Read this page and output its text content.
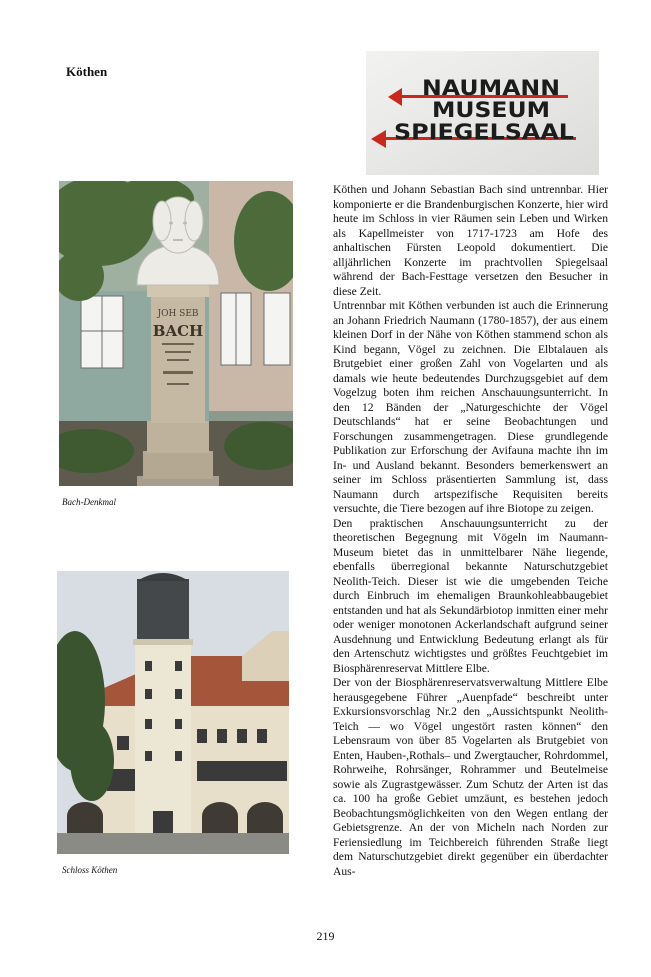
Köthen
NAUMANN
MUSEUM
SPIEGELSAAL
JOH SEB
BACH

Bach-Denkmal

Schloss Köthen

Köthen und Johann Sebastian Bach sind untrennbar. Hier komponierte er die Brandenburgischen Konzerte, hier wird heute im Schloss in vier Räumen sein Leben und Wirken als Kapellmeister von 1717-1723 am Hofe des anhaltischen Fürsten Leopold dokumentiert. Die alljährlichen Konzerte im prachtvollen Spiegelsaal während der Bach-Festtage versetzen den Besucher in diese Zeit.

Untrennbar mit Köthen verbunden ist auch die Erinnerung an Johann Friedrich Naumann (1780-1857), der aus einem kleinen Dorf in der Nähe von Köthen stammend schon als Kind begann, Vögel zu zeichnen. Die Elbtalauen als Brutgebiet einer großen Zahl von Vogelarten und als damals wie heute bedeutendes Durchzugsgebiet auf dem Vogelzug boten ihm reichen Anschauungsunterricht. In den 12 Bänden der „Naturgeschichte der Vögel Deutschlands“ hat er seine Beobachtungen und Forschungen zusammengetragen. Diese grundlegende Publikation zur Erforschung der Avifauna machte ihn im In- und Ausland bekannt. Besonders bemerkenswert an seiner im Schloss präsentierten Sammlung ist, dass Naumann durch artspezifische Requisiten bereits versuchte, die Tiere bezogen auf ihre Biotope zu zeigen.

Den praktischen Anschauungsunterricht zu der theoretischen Begegnung mit Vögeln im Naumann-Museum bietet das in unmittelbarer Nähe liegende, ebenfalls überregional bekannte Naturschutzgebiet Neolith-Teich. Dieser ist wie die umgebenden Teiche durch Einbruch im ehemaligen Braunkohleabbaugebiet entstanden und hat als Sekundärbiotop inmitten einer mehr oder weniger monotonen Ackerlandschaft aufgrund seiner Ausdehnung und Entwicklung Bedeutung erlangt als für den Artenschutz wichtigstes und größtes Feuchtgebiet im Biosphärenreservat Mittlere Elbe.

Der von der Biosphärenreservatsverwaltung Mittlere Elbe herausgegebene Führer „Auenpfade“ beschreibt unter Exkursionsvorschlag Nr.2 den „Aussichtspunkt Neolith-Teich — wo Vögel ungestört rasten können“ den Lebensraum von über 85 Vogelarten als Brutgebiet von Enten, Hauben-,Rothals– und Zwergtaucher, Rohrdommel, Rohrweihe, Rohrsänger, Rohrammer und Beutelmeise sowie als Zugrastgewässer. Zum Schutz der Arten ist das ca. 100 ha große Gebiet umzäunt, es bestehen jedoch Beobachtungsmöglichkeiten von den Wegen entlang der Gebietsgrenze. An der von Micheln nach Norden zur Feriensiedlung im Teichbereich führenden Straße liegt dem Naturschutzgebiet direkt gegenüber ein überdachter Aus-

219
